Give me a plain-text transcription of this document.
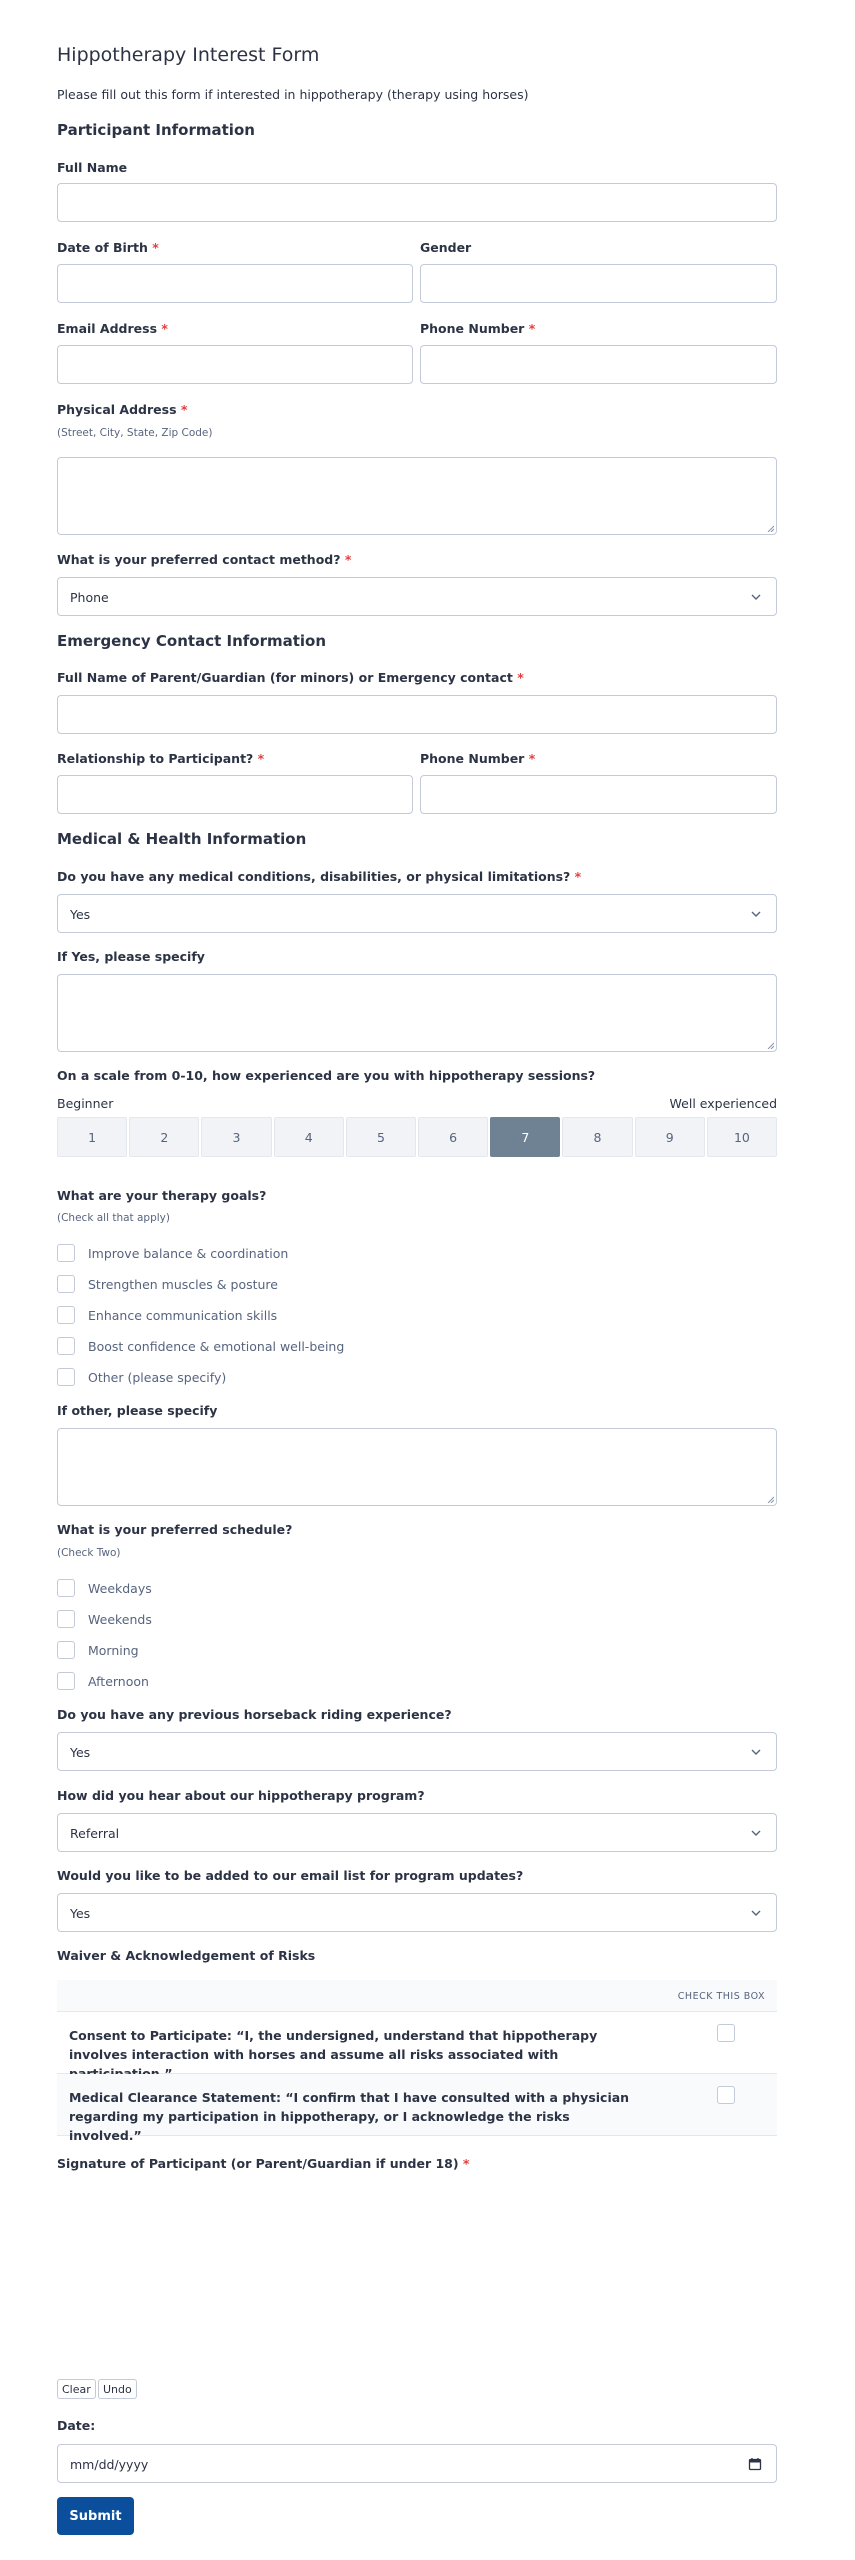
Hippotherapy Interest Form
Please fill out this form if interested in hippotherapy (therapy using horses)
Participant Information
Full Name
Date of Birth *	Gender
Email Address *	Phone Number *
Physical Address *
(Street, City, State, Zip Code)
What is your preferred contact method? *
Phone
Emergency Contact Information
Full Name of Parent/Guardian (for minors) or Emergency contact *
Relationship to Participant? *	Phone Number *
Medical & Health Information
Do you have any medical conditions, disabilities, or physical limitations? *
Yes
If Yes, please specify
On a scale from 0-10, how experienced are you with hippotherapy sessions?
Beginner	Well experienced
1	2	3	4	5	6	7	8	9	10
What are your therapy goals?
(Check all that apply)
Improve balance & coordination
Strengthen muscles & posture
Enhance communication skills
Boost confidence & emotional well-being
Other (please specify)
If other, please specify
What is your preferred schedule?
(Check Two)
Weekdays
Weekends
Morning
Afternoon
Do you have any previous horseback riding experience?
Yes
How did you hear about our hippotherapy program?
Referral
Would you like to be added to our email list for program updates?
Yes
Waiver & Acknowledgement of Risks
CHECK THIS BOX
Consent to Participate: “I, the undersigned, understand that hippotherapy involves interaction with horses and assume all risks associated with
Medical Clearance Statement: “I confirm that I have consulted with a physician regarding my participation in hippotherapy, or I acknowledge the risks involved.”
Signature of Participant (or Parent/Guardian if under 18) *
Clear	Undo
Date:
mm/dd/yyyy
Submit
